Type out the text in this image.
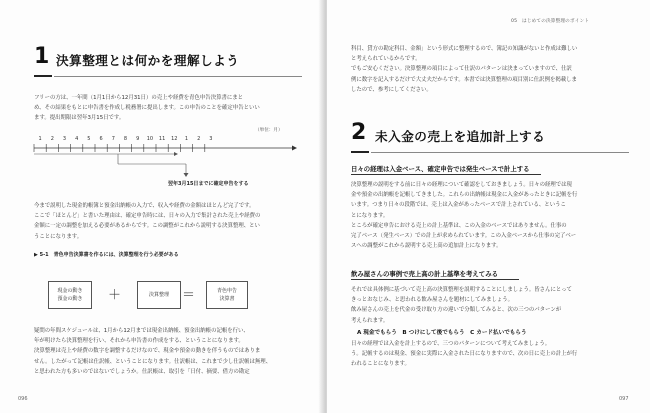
1 決算整理とは何かを理解しよう
フリーの方は、一年間（1月1日から12月31日）の売上や経費を青色申告決算書にまと
め、その結果をもとに申告書を作成し税務署に提出します。この申告のことを確定申告といい
ます。提出期限は翌年3月15日です。
（単位：月）
1	2	3	4	5	6	7	8	9	10 11 12	1	2	3
翌年3月15日までに確定申告をする
今まで説明した現金的帳簿と預金出納帳の入力で、収入や経費の金額はほとんど完了です。
ここで「ほとんど」と書いた理由は、確定申告時には、日々の入力で集計された売上や経費の
金額に一定の調整を加える必要があるからです。この調整がこれから説明する決算整理、とい
うことになります。
▶ 5-1　青色申告決算書を作るには、決算整理を行う必要がある
現金の動き
預金の動き ＋	決算整理 ＝	青色申告
決算書
疑問の年間スケジュールは、1月から12月までは現金出納帳、預金出納帳の記帳を行い、
年が明けたら決算整理を行い、それから申告書の作成をする、ということになります。
決算整理は売上や経費の数字を調整するだけなので、現金や預金の動きを伴うものではありま
せん。したがって記帳は仕訳帳、ということになります。仕訳帳は、これまで少し仕訳帳は無理、
と思われた方も多いのではないでしょうか。仕訳帳は、取引を「日付、摘要、借方の勘定
096
05　はじめての決算整理のポイント
科目、貸方の勘定科目、金額」という形式に整理するので、簿記の知識がないと作成は難しい
と考えられているからです。
でもご安心ください。決算整理の項目によって仕訳のパターンは決まっていますので、仕訳
例に数字を記入するだけで大丈夫だからです。本書では決算整理の項目別に仕訳例を掲載しま
したので、参考にしてください。
2 未入金の売上を追加計上する
日々の経理は入金ベース、確定申告では発生ベースで計上する
決算整理の説明をする前に日々の経理について確認をしておきましょう。日々の経理では現
金や預金の出納帳を記帳してきました。これらの出納帳は現金に入金があったときに記帳を行
います。つまり日々の段階では、売上は入金があったベースで計上されている、というこ
とになります。
ところが確定申告における売上の計上基準は、この入金のベースではありません。仕事の
完了ベース（発生ベース）での計上が求められています。この入金ベースから仕事の完了ベー
スへの調整がこれから説明する売上高の追加計上になります。
飲み屋さんの事例で売上高の計上基準を考えてみる
それでは具体例に基づいて売上高の決算整理を説明することにしましょう。皆さんにとって
きっとおなじみ、と思われる飲み屋さんを題材にしてみましょう。
飲み屋さんの売上を代金の受け取り方の違いで分類してみると、次の三つのパターンが
考えられます。
A 現金でもらう　B つけにして後でもらう　C カード払いでもらう
日々の経理では入金を計上するので、三つのパターンについて考えてみましょう。
う。記帳するのは現金、預金に実際に入金された日になりますので、次の日に売上の計上が行
われることになります。
097
